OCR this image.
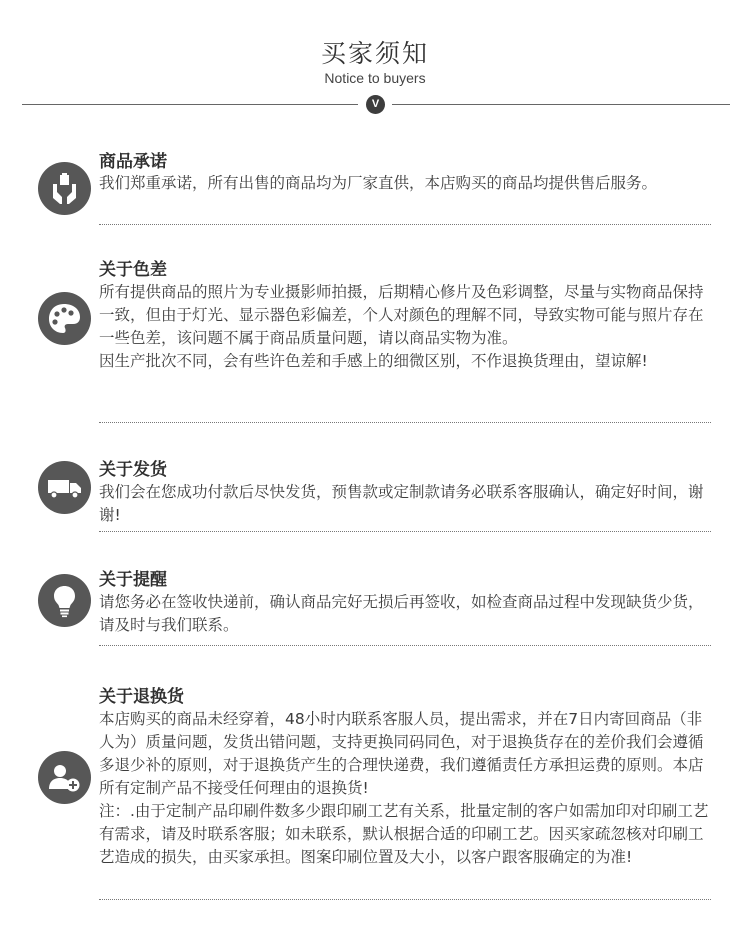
买家须知
Notice to buyers
V
商品承诺

我们郑重承诺，所有出售的商品均为厂家直供，本店购买的商品均提供售后服务。

关于色差

所有提供商品的照片为专业摄影师拍摄，后期精心修片及色彩调整，尽量与实物商品保持一致，但由于灯光、显示器色彩偏差，个人对颜色的理解不同，导致实物可能与照片存在一些色差，该问题不属于商品质量问题，请以商品实物为准。

因生产批次不同，会有些许色差和手感上的细微区别，不作退换货理由，望谅解!

关于发货

我们会在您成功付款后尽快发货，预售款或定制款请务必联系客服确认，确定好时间，谢谢!

关于提醒

请您务必在签收快递前，确认商品完好无损后再签收，如检查商品过程中发现缺货少货，请及时与我们联系。

关于退换货

本店购买的商品未经穿着，48小时内联系客服人员，提出需求，并在7日内寄回商品（非人为）质量问题，发货出错问题，支持更换同码同色，对于退换货存在的差价我们会遵循多退少补的原则，对于退换货产生的合理快递费，我们遵循责任方承担运费的原则。本店所有定制产品不接受任何理由的退换货!

注：.由于定制产品印刷件数多少跟印刷工艺有关系，批量定制的客户如需加印对印刷工艺有需求，请及时联系客服；如未联系，默认根据合适的印刷工艺。因买家疏忽核对印刷工艺造成的损失，由买家承担。图案印刷位置及大小，以客户跟客服确定的为准!
